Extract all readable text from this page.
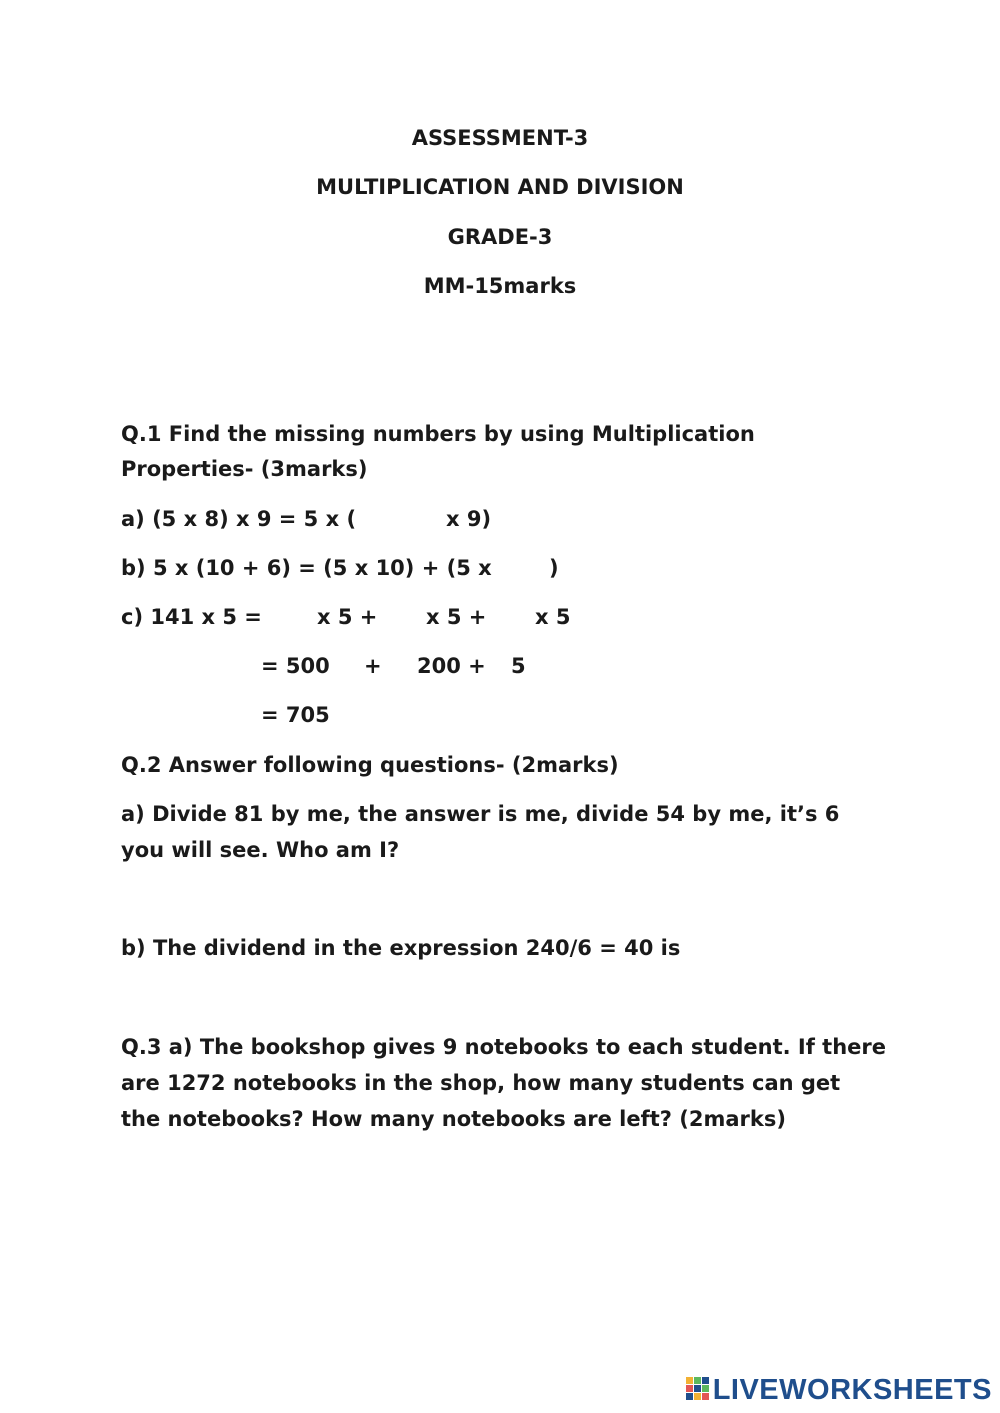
ASSESSMENT-3
MULTIPLICATION AND DIVISION
GRADE-3
MM-15marks
Q.1 Find the missing numbers by using Multiplication
Properties- (3marks)
a) (5 x 8) x 9 = 5 x (	x 9)
b) 5 x (10 + 6) = (5 x 10) + (5 x	)
c) 141 x 5 =	x 5 + x 5 + x 5
= 500 + 200 + 5
= 705
Q.2 Answer following questions- (2marks)
a) Divide 81 by me, the answer is me, divide 54 by me, it’s 6 you will see. Who am I?
b) The dividend in the expression 240/6 = 40 is
Q.3 a) The bookshop gives 9 notebooks to each student. If there are 1272 notebooks in the shop, how many students can get the notebooks? How many notebooks are left? (2marks)
LIVEWORKSHEETS
